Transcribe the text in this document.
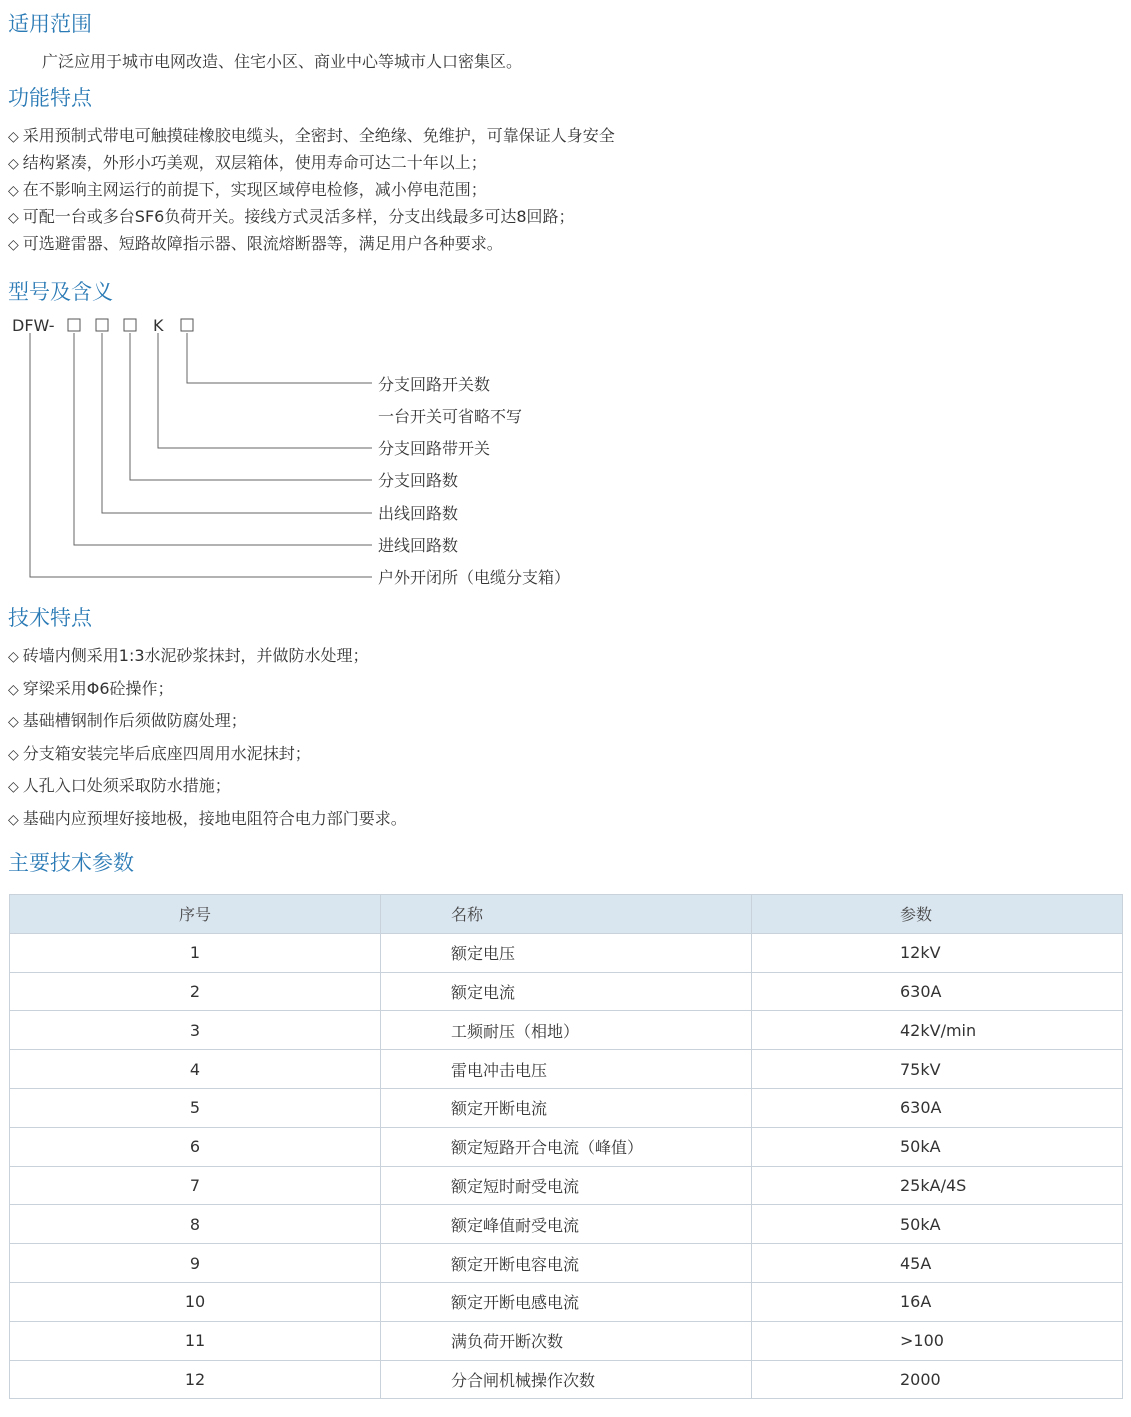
适用范围

广泛应用于城市电网改造、住宅小区、商业中心等城市人口密集区。

功能特点
◇ 采用预制式带电可触摸硅橡胶电缆头，全密封、全绝缘、免维护，可靠保证人身安全
◇ 结构紧凑，外形小巧美观，双层箱体，使用寿命可达二十年以上；
◇ 在不影响主网运行的前提下，实现区域停电检修，减小停电范围；
◇ 可配一台或多台SF6负荷开关。接线方式灵活多样，分支出线最多可达8回路；
◇ 可选避雷器、短路故障指示器、限流熔断器等，满足用户各种要求。
型号及含义
DFW-	K
分支回路开关数
一台开关可省略不写
分支回路带开关
分支回路数
出线回路数
进线回路数
户外开闭所（电缆分支箱）
技术特点
◇ 砖墙内侧采用1:3水泥砂浆抹封，并做防水处理；
◇ 穿梁采用Φ6砼操作；
◇ 基础槽钢制作后须做防腐处理；
◇ 分支箱安装完毕后底座四周用水泥抹封；
◇ 人孔入口处须采取防水措施；
◇ 基础内应预埋好接地极，接地电阻符合电力部门要求。
主要技术参数
序号	名称	参数
1	额定电压	12kV
2	额定电流	630A
3	工频耐压（相地）	42kV/min
4	雷电冲击电压	75kV
5	额定开断电流	630A
6	额定短路开合电流（峰值）	50kA
7	额定短时耐受电流	25kA/4S
8	额定峰值耐受电流	50kA
9	额定开断电容电流	45A
10	额定开断电感电流	16A
11	满负荷开断次数	>100
12	分合闸机械操作次数	2000
